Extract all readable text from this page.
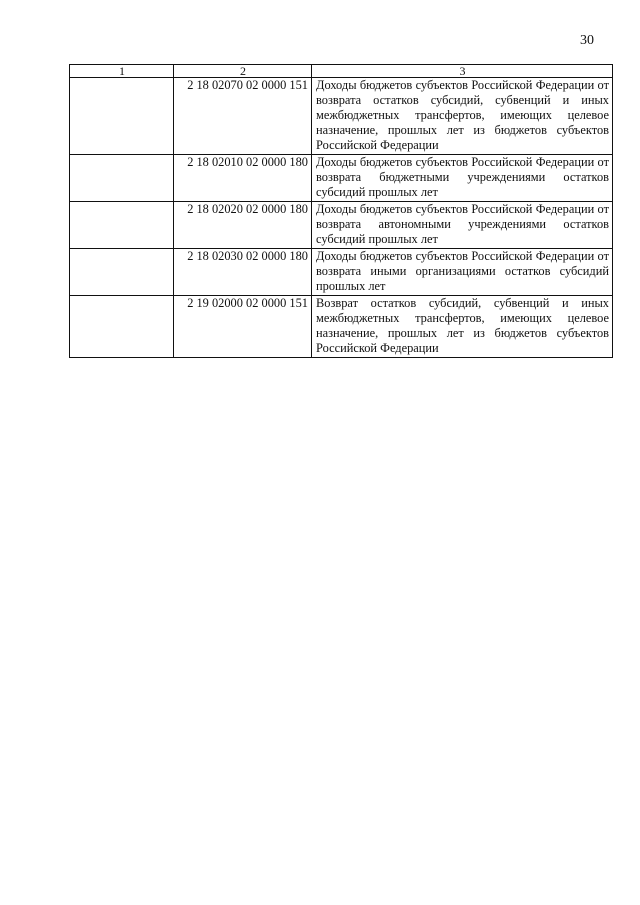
30
1	2	3
	2 18 02070 02 0000 151	Доходы бюджетов субъектов Российской Федерации от возврата остатков субсидий, субвенций и иных межбюджетных трансфертов, имеющих целевое назначение, прошлых лет из бюджетов субъектов Российской Федерации
	2 18 02010 02 0000 180	Доходы бюджетов субъектов Российской Федерации от возврата бюджетными учреждениями остатков субсидий прошлых лет
	2 18 02020 02 0000 180	Доходы бюджетов субъектов Российской Федерации от возврата автономными учреждениями остатков субсидий прошлых лет
	2 18 02030 02 0000 180	Доходы бюджетов субъектов Российской Федерации от возврата иными организациями остатков субсидий прошлых лет
	2 19 02000 02 0000 151	Возврат остатков субсидий, субвенций и иных межбюджетных трансфертов, имеющих целевое назначение, прошлых лет из бюджетов субъектов Российской Федерации
